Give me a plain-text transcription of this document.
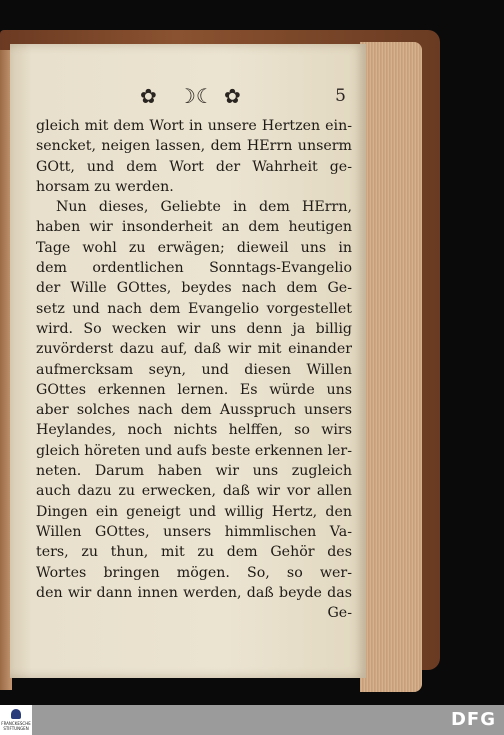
✿ ☽☾ ✿	5
gleich mit dem Wort in unsere Hertzen ein-
sencket, neigen lassen, dem HErrn unserm
GOtt, und dem Wort der Wahrheit ge-
horsam zu werden.
Nun dieses, Geliebte in dem HErrn,
haben wir insonderheit an dem heutigen
Tage wohl zu erwägen; dieweil uns in
dem ordentlichen Sonntags-Evangelio
der Wille GOttes, beydes nach dem Ge-
setz und nach dem Evangelio vorgestellet
wird. So wecken wir uns denn ja billig
zuvörderst dazu auf, daß wir mit einander
aufmercksam seyn, und diesen Willen
GOttes erkennen lernen. Es würde uns
aber solches nach dem Ausspruch unsers
Heylandes, noch nichts helffen, so wirs
gleich höreten und aufs beste erkennen ler-
neten. Darum haben wir uns zugleich
auch dazu zu erwecken, daß wir vor allen
Dingen ein geneigt und willig Hertz, den
Willen GOttes, unsers himmlischen Va-
ters, zu thun, mit zu dem Gehör des
Wortes bringen mögen. So, so wer-
den wir dann innen werden, daß beyde das
Ge-
FRANCKESCHE STIFTUNGEN	DFG
